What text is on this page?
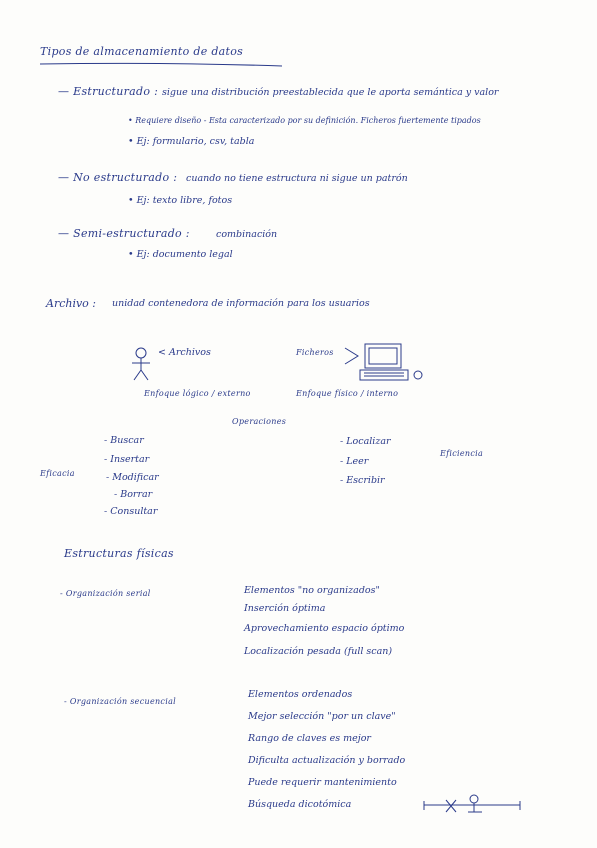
Tipos de almacenamiento de datos
— Estructurado : sigue una distribución preestablecida que le aporta semántica y valor
• Requiere diseño - Esta caracterizado por su definición. Ficheros fuertemente tipados
• Ej: formulario, csv, tabla
— No estructurado : cuando no tiene estructura ni sigue un patrón
• Ej: texto libre, fotos
— Semi-estructurado :	combinación
• Ej: documento legal
Archivo : unidad contenedora de información para los usuarios
< Archivos	Ficheros
Enfoque lógico / externo	Enfoque físico / interno
Operaciones
Eficacia
Eficiencia
- Buscar
- Insertar
- Modificar
- Borrar
- Consultar
- Localizar
- Leer
- Escribir
Estructuras físicas
- Organización serial	Elementos "no organizados"
Inserción óptima
Aprovechamiento espacio óptimo
Localización pesada (full scan)
- Organización secuencial
Elementos ordenados
Mejor selección "por un clave"
Rango de claves es mejor
Dificulta actualización y borrado
Puede requerir mantenimiento
Búsqueda dicotómica
